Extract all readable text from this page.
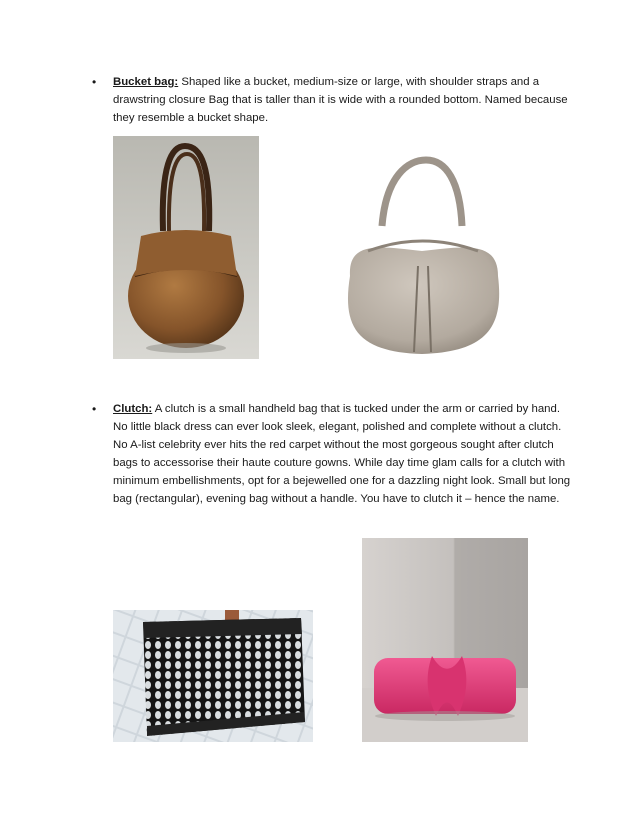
• Bucket bag: Shaped like a bucket, medium-size or large, with shoulder straps and a drawstring closure Bag that is taller than it is wide with a rounded bottom. Named because they resemble a bucket shape.
• Clutch: A clutch is a small handheld bag that is tucked under the arm or carried by hand. No little black dress can ever look sleek, elegant, polished and complete without a clutch. No A-list celebrity ever hits the red carpet without the most gorgeous sought after clutch bags to accessorise their haute couture gowns. While day time glam calls for a clutch with minimum embellishments, opt for a bejewelled one for a dazzling night look. Small but long bag (rectangular), evening bag without a handle. You have to clutch it – hence the name.
